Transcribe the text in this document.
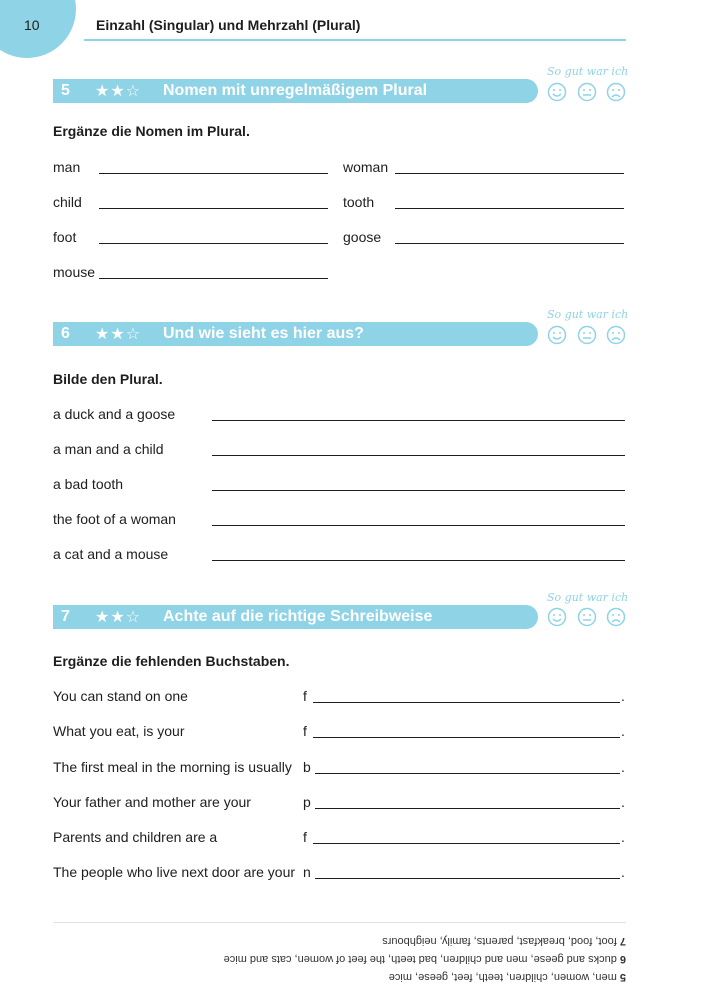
10	Einzahl (Singular) und Mehrzahl (Plural)
5 ★★☆ Nomen mit unregelmäßigem Plural
So gut war ich
Ergänze die Nomen im Plural.
man	woman
child	tooth
foot	goose
mouse
6 ★★☆ Und wie sieht es hier aus?
So gut war ich
Bilde den Plural.
a duck and a goose
a man and a child
a bad tooth
the foot of a woman
a cat and a mouse
7 ★★☆ Achte auf die richtige Schreibweise
So gut war ich
Ergänze die fehlenden Buchstaben.
You can stand on one	f	.
What you eat, is your	f	.
The first meal in the morning is usually b	.
Your father and mother are your	p	.
Parents and children are a	f	.
The people who live next door are your n	.
5 men, women, children, teeth, feet, geese, mice
6 ducks and geese, men and children, bad teeth, the feet of women, cats and mice
7 foot, food, breakfast, parents, family, neighbours
